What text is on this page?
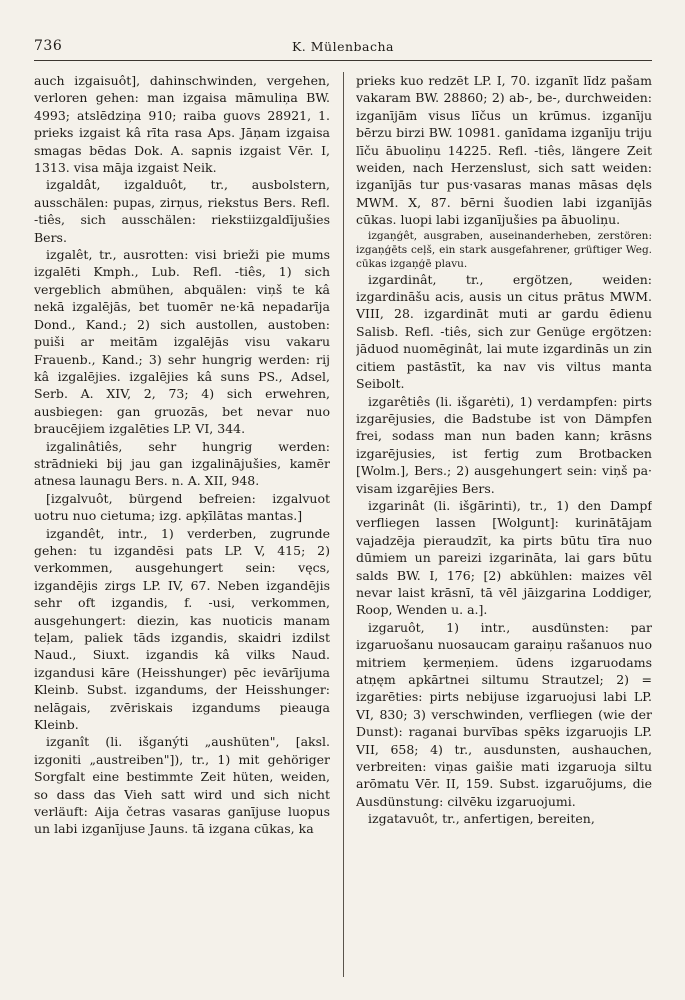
736	K. Mülenbacha

auch izgaisuôt], dahinschwinden, vergehen, verloren gehen: man izgaisa māmuliņa BW. 4993; atslēdziņa 910; raiba guovs 28921, 1. prieks izgaist kâ rīta rasa Aps. Jāņam izgaisa smagas bēdas Dok. A. sapnis izgaist Vēr. I, 1313. visa māja izgaist Neik.

izgaldât, izgalduôt, tr., ausbolstern, ausschälen: pupas, zirņus, riekstus Bers. Refl. -tiês, sich ausschälen: riekstiizgaldījušies Bers.

izgalêt, tr., ausrotten: visi brieži pie mums izgalēti Kmph., Lub. Refl. -tiês, 1) sich vergeblich abmühen, abquälen: viņš te kâ nekā izgalējās, bet tuomēr ne·kā nepadarīja Dond., Kand.; 2) sich austollen, austoben: puiši ar meitām izgalējās visu vakaru Frauenb., Kand.; 3) sehr hungrig werden: rij kâ izgalējies. izgalējies kâ suns PS., Adsel, Serb. A. XIV, 2, 73; 4) sich erwehren, ausbiegen: gan gruozās, bet nevar nuo braucējiem izgalēties LP. VI, 344.

izgalinâtiês, sehr hungrig werden: strādnieki bij jau gan izgalinājušies, kamēr atnesa launagu Bers. n. A. XII, 948.

[izgalvuôt, bürgend befreien: izgalvuot uotru nuo cietuma; izg. apķīlātas mantas.]

izgandêt, intr., 1) verderben, zugrunde gehen: tu izgandēsi pats LP. V, 415; 2) verkommen, ausgehungert sein: vęcs, izgandējis zirgs LP. IV, 67. Neben izgandējis sehr oft izgandis, f. -usi, verkommen, ausgehungert: diezin, kas nuoticis manam teļam, paliek tāds izgandis, skaidri izdilst Naud., Siuxt. izgandis kâ vilks Naud. izgandusi kāre (Heisshunger) pēc ievārījuma Kleinb. Subst. izgandums, der Heisshunger: nelāgais, zvēriskais izgandums pieauga Kleinb.

izganît (li. išganýti „aushüten", [aksl. izgoniti „austreiben"]), tr., 1) mit gehöriger Sorgfalt eine bestimmte Zeit hüten, weiden, so dass das Vieh satt wird und sich nicht verläuft: Aija četras vasaras ganījuse luopus un labi izganījuse Jauns. tā izgana cūkas, ka

prieks kuo redzēt LP. I, 70. izganīt līdz pašam vakaram BW. 28860; 2) ab-, be-, durchweiden: izganījām visus līčus un krūmus. izganīju bērzu birzi BW. 10981. ganīdama izganīju triju līču ābuoliņu 14225. Refl. -tiês, längere Zeit weiden, nach Herzenslust, sich satt weiden: izganījās tur pus·vasaras manas māsas dęls MWM. X, 87. bērni šuodien labi izganījās cūkas. luopi labi izganījušies pa ābuoliņu.

izgaņģêt, ausgraben, auseinanderheben, zerstören: izgaņģēts ceļš, ein stark ausgefahrener, grüftiger Weg. cūkas izgaņģē plavu.

izgardinât, tr., ergötzen, weiden: izgardināšu acis, ausis un citus prātus MWM. VIII, 28. izgardināt muti ar gardu ēdienu Salisb. Refl. -tiês, sich zur Genüge ergötzen: jāduod nuomēginât, lai mute izgardinās un zin citiem pastāstīt, ka nav vis viltus manta Seibolt.

izgarêtiês (li. išgarėti), 1) verdampfen: pirts izgarējusies, die Badstube ist von Dämpfen frei, sodass man nun baden kann; krāsns izgarējusies, ist fertig zum Brotbacken [Wolm.], Bers.; 2) ausgehungert sein: viņš pa· visam izgarējies Bers.

izgarinât (li. išgārinti), tr., 1) den Dampf verfliegen lassen [Wolgunt]: kurinātājam vajadzēja pieraudzīt, ka pirts būtu tīra nuo dūmiem un pareizi izgarināta, lai gars būtu salds BW. I, 176; [2) abkühlen: maizes vēl nevar laist krāsnī, tā vēl jāizgarina Loddiger, Roop, Wenden u. a.].

izgaruôt, 1) intr., ausdünsten: par izgaruošanu nuosaucam garaiņu rašanuos nuo mitriem ķermeņiem. ūdens izgaruodams atņęm apkārtnei siltumu Strautzel; 2) = izgarēties: pirts nebijuse izgaruojusi labi LP. VI, 830; 3) verschwinden, verfliegen (wie der Dunst): raganai burvības spēks izgaruojis LP. VII, 658; 4) tr., ausdunsten, aushauchen, verbreiten: viņas gaišie mati izgaruoja siltu arōmatu Vēr. II, 159. Subst. izgaruõjums, die Ausdünstung: cilvēku izgaruojumi.

izgatavuôt, tr., anfertigen, bereiten,
